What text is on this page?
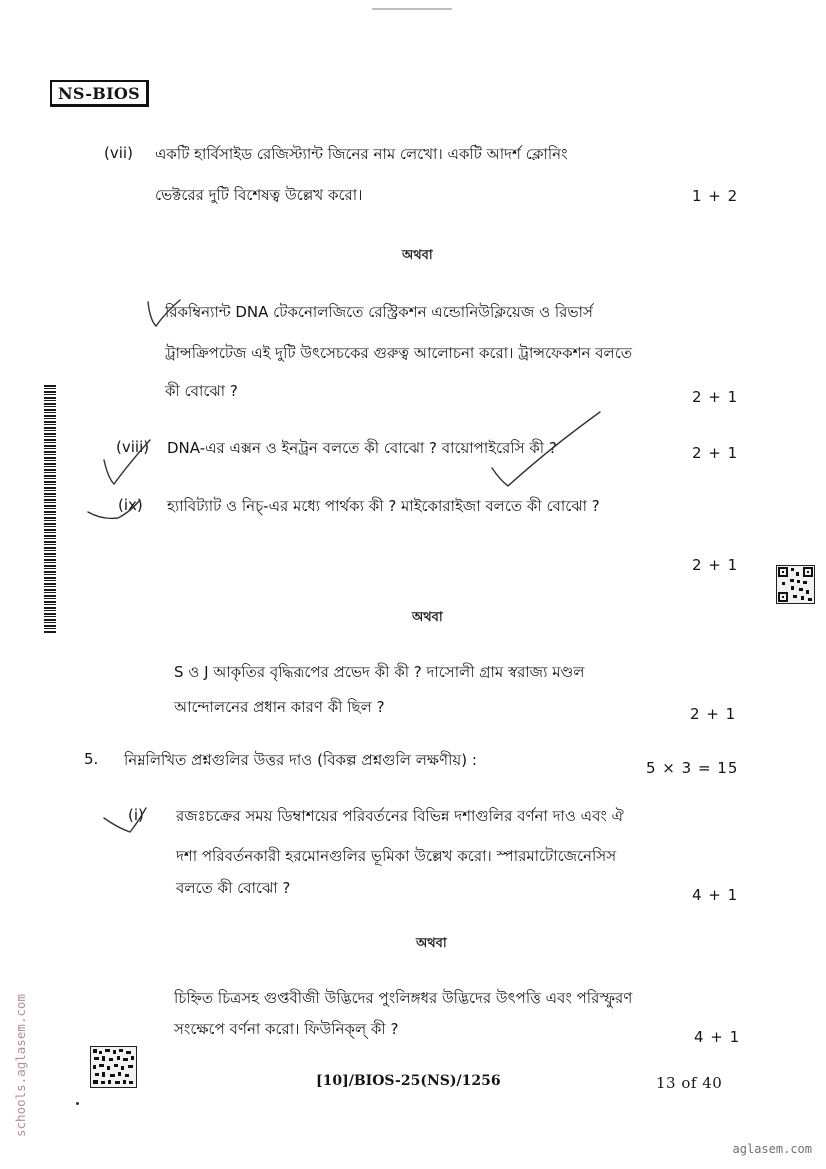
NS-BIOS
(vii) একটি হার্বিসাইড রেজিস্ট্যান্ট জিনের নাম লেখো। একটি আদর্শ ক্লোনিং
ভেক্টরের দুটি বিশেষত্ব উল্লেখ করো।	1 + 2
অথবা
রিকম্বিন্যান্ট DNA টেকনোলজিতে রেস্ট্রিকশন এন্ডোনিউক্লিয়েজ ও রিভার্স
ট্রান্সক্রিপটেজ এই দুটি উৎসেচকের গুরুত্ব আলোচনা করো। ট্রান্সফেকশন বলতে
কী বোঝো ?	2 + 1
(viii) DNA-এর এক্সন ও ইনট্রন বলতে কী বোঝো ? বায়োপাইরেসি কী ?	2 + 1
(ix) হ্যাবিট্যাট ও নিচ্-এর মধ্যে পার্থক্য কী ? মাইকোরাইজা বলতে কী বোঝো ?
2 + 1
অথবা
S ও J আকৃতির বৃদ্ধিরূপের প্রভেদ কী কী ? দাসোলী গ্রাম স্বরাজ্য মণ্ডল
আন্দোলনের প্রধান কারণ কী ছিল ?	2 + 1
5. নিম্নলিখিত প্রশ্নগুলির উত্তর দাও (বিকল্প প্রশ্নগুলি লক্ষণীয়) :	5 × 3 = 15
(i) রজঃচক্রের সময় ডিম্বাশয়ের পরিবর্তনের বিভিন্ন দশাগুলির বর্ণনা দাও এবং ঐ
দশা পরিবর্তনকারী হরমোনগুলির ভূমিকা উল্লেখ করো। স্পারমাটোজেনেসিস
বলতে কী বোঝো ?	4 + 1
অথবা
চিহ্নিত চিত্রসহ গুপ্তবীজী উদ্ভিদের পুংলিঙ্গধর উদ্ভিদের উৎপত্তি এবং পরিস্ফুরণ
সংক্ষেপে বর্ণনা করো। ফিউনিক্‌ল্‌ কী ?	4 + 1
[10]/BIOS-25(NS)/1256	13 of 40
schools.aglasem.com
aglasem.com
